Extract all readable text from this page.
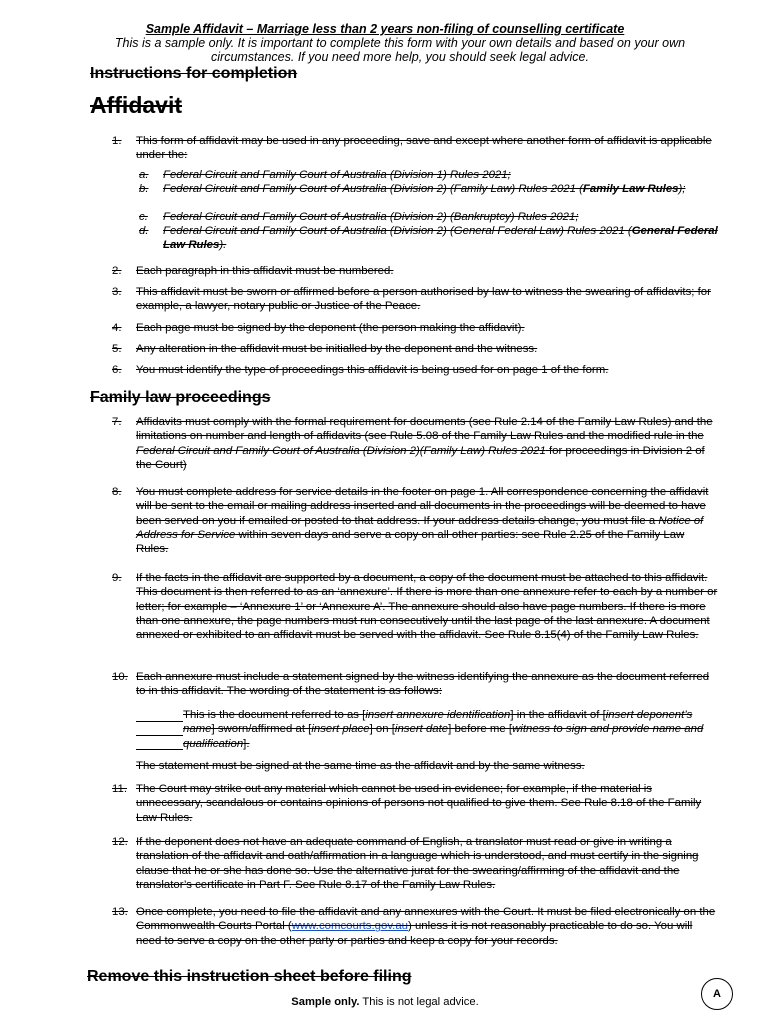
Sample Affidavit – Marriage less than 2 years non-filing of counselling certificate
This is a sample only. It is important to complete this form with your own details and based on your own circumstances. If you need more help, you should seek legal advice.
Instructions for completion
Affidavit
1. This form of affidavit may be used in any proceeding, save and except where another form of affidavit is applicable under the:
a. Federal Circuit and Family Court of Australia (Division 1) Rules 2021;
b. Federal Circuit and Family Court of Australia (Division 2) (Family Law) Rules 2021 (Family Law Rules);
c. Federal Circuit and Family Court of Australia (Division 2) (Bankruptcy) Rules 2021;
d. Federal Circuit and Family Court of Australia (Division 2) (General Federal Law) Rules 2021 (General Federal Law Rules).
2. Each paragraph in this affidavit must be numbered.
3. This affidavit must be sworn or affirmed before a person authorised by law to witness the swearing of affidavits; for example, a lawyer, notary public or Justice of the Peace.
4. Each page must be signed by the deponent (the person making the affidavit).
5. Any alteration in the affidavit must be initialled by the deponent and the witness.
6. You must identify the type of proceedings this affidavit is being used for on page 1 of the form.
Family law proceedings
7. Affidavits must comply with the formal requirement for documents (see Rule 2.14 of the Family Law Rules) and the limitations on number and length of affidavits (see Rule 5.08 of the Family Law Rules and the modified rule in the Federal Circuit and Family Court of Australia (Division 2)(Family Law) Rules 2021 for proceedings in Division 2 of the Court)
8. You must complete address for service details in the footer on page 1. All correspondence concerning the affidavit will be sent to the email or mailing address inserted and all documents in the proceedings will be deemed to have been served on you if emailed or posted to that address. If your address details change, you must file a Notice of Address for Service within seven days and serve a copy on all other parties: see Rule 2.25 of the Family Law Rules.
9. If the facts in the affidavit are supported by a document, a copy of the document must be attached to this affidavit. This document is then referred to as an ‘annexure’. If there is more than one annexure refer to each by a number or letter; for example – ‘Annexure 1’ or ‘Annexure A’. The annexure should also have page numbers. If there is more than one annexure, the page numbers must run consecutively until the last page of the last annexure. A document annexed or exhibited to an affidavit must be served with the affidavit. See Rule 8.15(4) of the Family Law Rules.
10. Each annexure must include a statement signed by the witness identifying the annexure as the document referred to in this affidavit. The wording of the statement is as follows:
This is the document referred to as [insert annexure identification] in the affidavit of [insert deponent’s name] sworn/affirmed at [insert place] on [insert date] before me [witness to sign and provide name and qualification].
The statement must be signed at the same time as the affidavit and by the same witness.
11. The Court may strike out any material which cannot be used in evidence; for example, if the material is unnecessary, scandalous or contains opinions of persons not qualified to give them. See Rule 8.18 of the Family Law Rules.
12. If the deponent does not have an adequate command of English, a translator must read or give in writing a translation of the affidavit and oath/affirmation in a language which is understood, and must certify in the signing clause that he or she has done so. Use the alternative jurat for the swearing/affirming of the affidavit and the translator’s certificate in Part F. See Rule 8.17 of the Family Law Rules.
13. Once complete, you need to file the affidavit and any annexures with the Court. It must be filed electronically on the Commonwealth Courts Portal (www.comcourts.gov.au) unless it is not reasonably practicable to do so. You will need to serve a copy on the other party or parties and keep a copy for your records.
Remove this instruction sheet before filing
Sample only. This is not legal advice.
A
